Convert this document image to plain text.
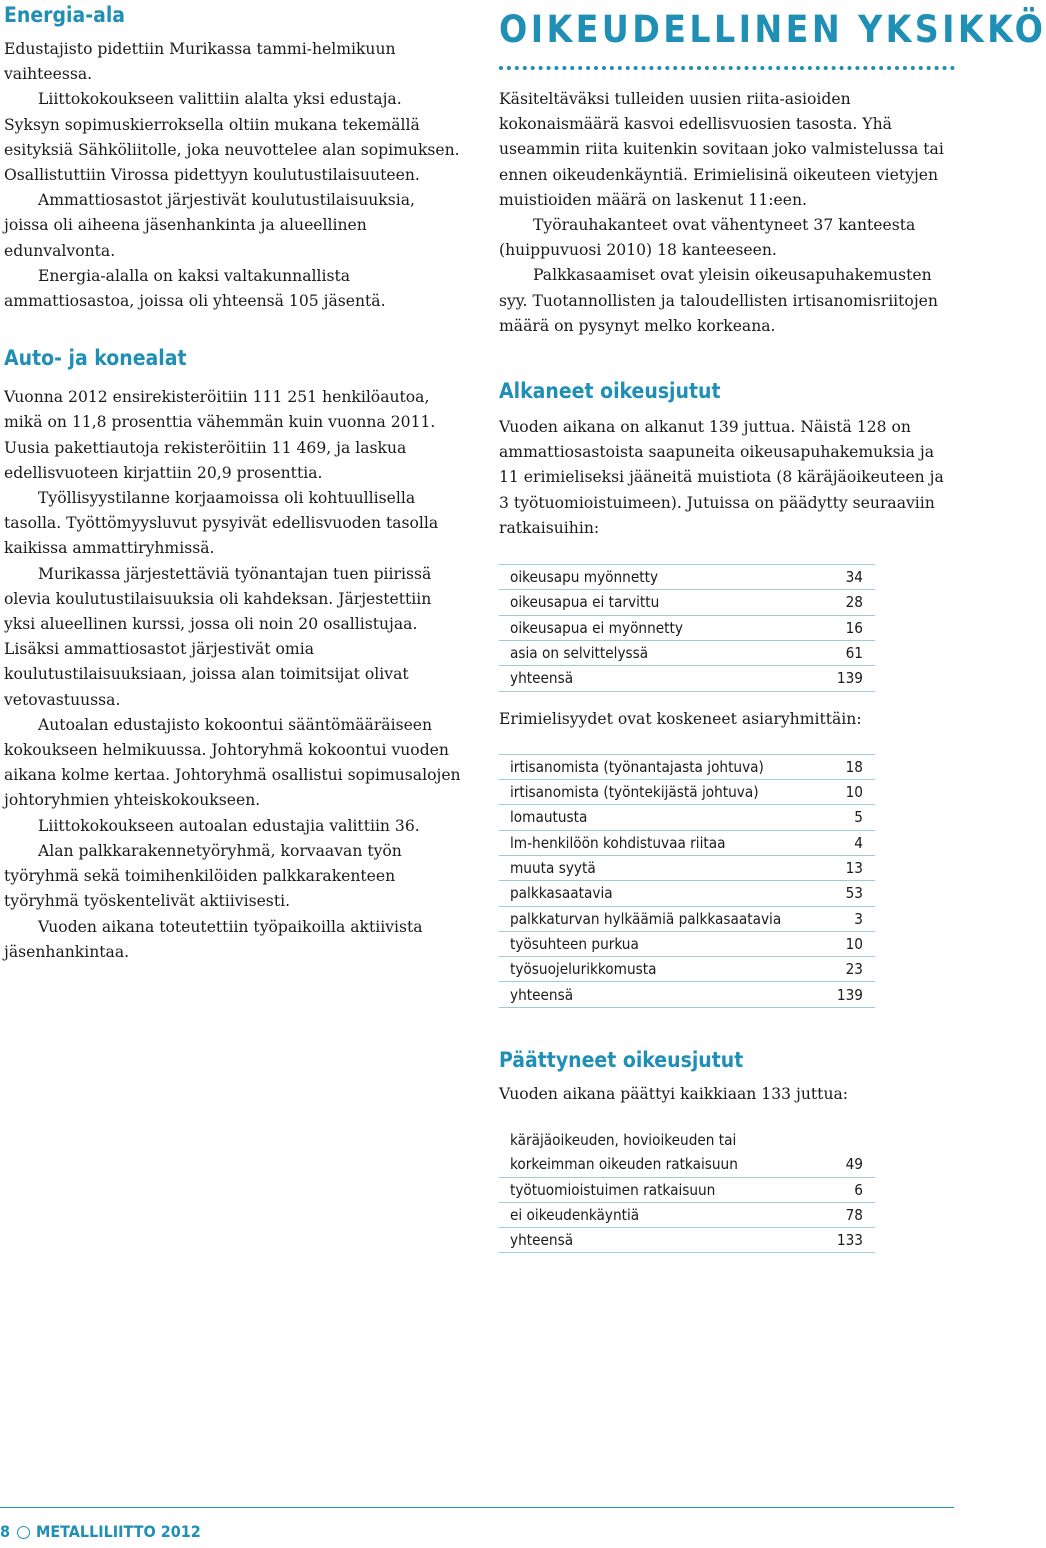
Energia-ala

Edustajisto pidettiin Murikassa tammi-helmikuun vaihteessa.

Liittokokoukseen valittiin alalta yksi edustaja. Syksyn sopimuskierroksella oltiin mukana tekemällä esityksiä Sähköliitolle, joka neuvottelee alan sopimuksen. Osallistuttiin Virossa pidettyyn koulutustilaisuuteen.

Ammattiosastot järjestivät koulutustilaisuuksia, joissa oli aiheena jäsenhankinta ja alueellinen edunvalvonta.

Energia-alalla on kaksi valtakunnallista ammattiosastoa, joissa oli yhteensä 105 jäsentä.

Auto- ja konealat

Vuonna 2012 ensirekisteröitiin 111 251 henkilöautoa, mikä on 11,8 prosenttia vähemmän kuin vuonna 2011. Uusia pakettiautoja rekisteröitiin 11 469, ja laskua edellisvuoteen kirjattiin 20,9 prosenttia.

Työllisyystilanne korjaamoissa oli kohtuullisella tasolla. Työttömyysluvut pysyivät edellisvuoden tasolla kaikissa ammattiryhmissä.

Murikassa järjestettäviä työnantajan tuen piirissä olevia koulutustilaisuuksia oli kahdeksan. Järjestettiin yksi alueellinen kurssi, jossa oli noin 20 osallistujaa. Lisäksi ammattiosastot järjestivät omia koulutustilaisuuksiaan, joissa alan toimitsijat olivat vetovastuussa.

Autoalan edustajisto kokoontui sääntömääräiseen kokoukseen helmikuussa. Johtoryhmä kokoontui vuoden aikana kolme kertaa. Johtoryhmä osallistui sopimusalojen johtoryhmien yhteiskokoukseen.

Liittokokoukseen autoalan edustajia valittiin 36.

Alan palkkarakennetyöryhmä, korvaavan työn työryhmä sekä toimihenkilöiden palkkarakenteen työryhmä työskentelivät aktiivisesti.

Vuoden aikana toteutettiin työpaikoilla aktiivista jäsenhankintaa.

OIKEUDELLINEN YKSIKKÖ

Käsiteltäväksi tulleiden uusien riita-asioiden kokonaismäärä kasvoi edellisvuosien tasosta. Yhä useammin riita kuitenkin sovitaan joko valmistelussa tai ennen oikeudenkäyntiä. Erimielisinä oikeuteen vietyjen muistioiden määrä on laskenut 11:een.

Työrauhakanteet ovat vähentyneet 37 kanteesta (huippuvuosi 2010) 18 kanteeseen.

Palkkasaamiset ovat yleisin oikeusapuhakemusten syy. Tuotannollisten ja taloudellisten irtisanomisriitojen määrä on pysynyt melko korkeana.

Alkaneet oikeusjutut

Vuoden aikana on alkanut 139 juttua. Näistä 128 on ammattiosastoista saapuneita oikeusapuhakemuksia ja 11 erimieliseksi jääneitä muistiota (8 käräjäoikeuteen ja 3 työtuomioistuimeen). Jutuissa on päädytty seuraaviin ratkaisuihin:

oikeusapu myönnetty	34
oikeusapua ei tarvittu	28
oikeusapua ei myönnetty	16
asia on selvittelyssä	61
yhteensä	139

Erimielisyydet ovat koskeneet asiaryhmittäin:

irtisanomista (työnantajasta johtuva)	18
irtisanomista (työntekijästä johtuva)	10
lomautusta	5
lm-henkilöön kohdistuvaa riitaa	4
muuta syytä	13
palkkasaatavia	53
palkkaturvan hylkäämiä palkkasaatavia	3
työsuhteen purkua	10
työsuojelurikkomusta	23
yhteensä	139
Päättyneet oikeusjutut

Vuoden aikana päättyi kaikkiaan 133 juttua:

käräjäoikeuden, hovioikeuden tai	
korkeimman oikeuden ratkaisuun	49
työtuomioistuimen ratkaisuun	6
ei oikeudenkäyntiä	78
yhteensä	133
8 METALLILIITTO 2012
